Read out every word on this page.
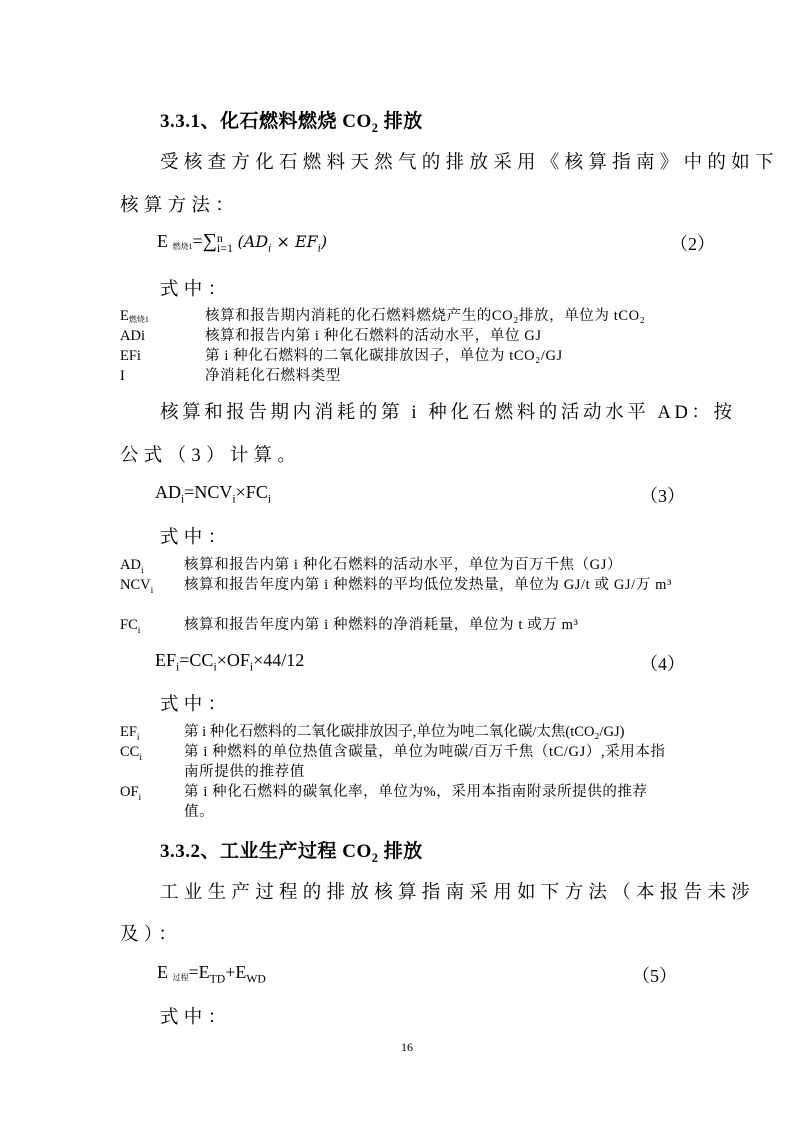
3.3.1、化石燃料燃烧 $CO_2$ 排放
受核查方化石燃料天然气的排放采用《核算指南》中的如下
核算方法：
E 燃烧1=∑ n
i=1 $(AD_i \times EF_i)$	（2）
式中：
E燃烧1	核算和报告期内消耗的化石燃料燃烧产生的CO₂排放，单位为 tCO₂
ADi	核算和报告内第 i 种化石燃料的活动水平，单位 GJ
EFi	第 i 种化石燃料的二氧化碳排放因子，单位为 tCO₂/GJ
I	净消耗化石燃料类型
核算和报告期内消耗的第 i 种化石燃料的活动水平 AD：按
公式（3）计算。
$AD_i=NCV_i\times FC_i$	（3）
式中：
$AD_i$	核算和报告内第 i 种化石燃料的活动水平，单位为百万千焦（GJ）
$NCV_i$ 核算和报告年度内第 i 种燃料的平均低位发热量，单位为 GJ/t 或 GJ/万 m³
$FC_i$	核算和报告年度内第 i 种燃料的净消耗量，单位为 t 或万 m³
$EF_i=CC_i\times OF_i\times 44/12$	（4）
式中：
$EF_i$	第 i 种化石燃料的二氧化碳排放因子,单位为吨二氧化碳/太焦(tCO₂/GJ)
$CC_i$	第 i 种燃料的单位热值含碳量，单位为吨碳/百万千焦（tC/GJ）,采用本指南所提供的推荐值
$OF_i$	第 i 种化石燃料的碳氧化率，单位为%，采用本指南附录所提供的推荐值。
3.3.2、工业生产过程 $CO_2$ 排放
工业生产过程的排放核算指南采用如下方法（本报告未涉
及）：
E 过程$=E_{TD}+E_{WD}$	（5）
式中：
16
